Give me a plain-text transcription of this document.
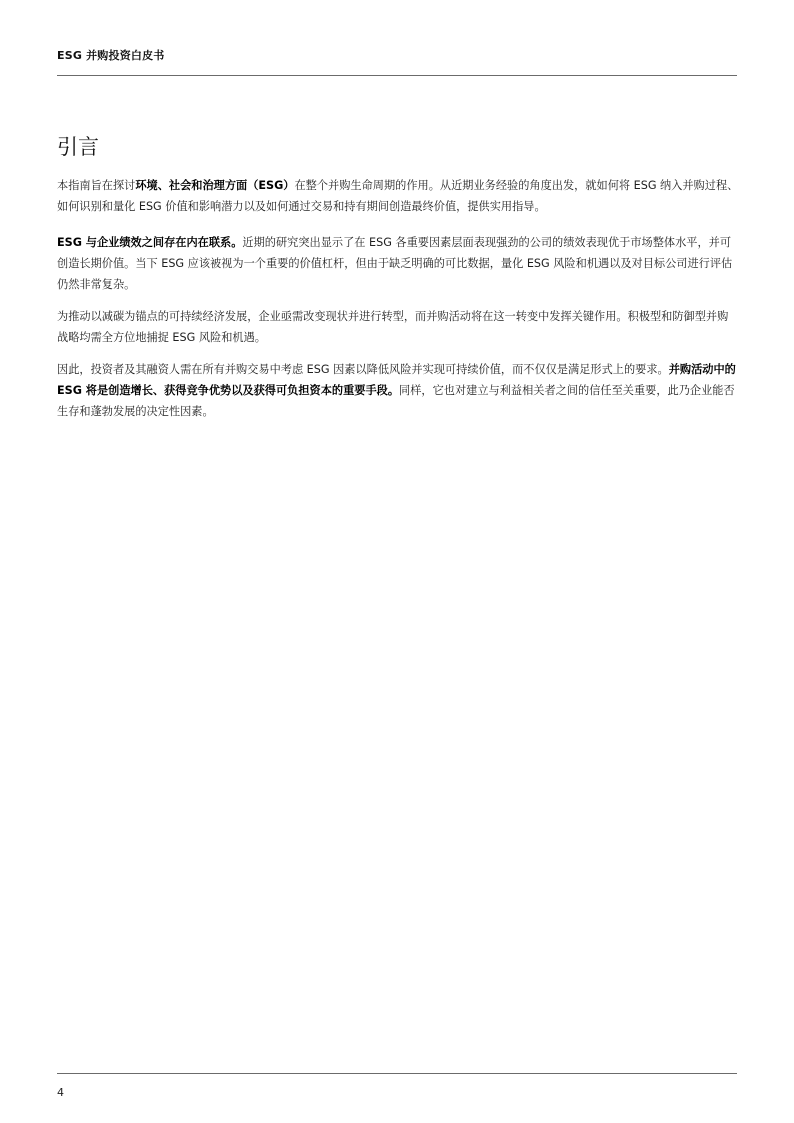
ESG 并购投资白皮书
引言

本指南旨在探讨环境、社会和治理方面（ESG）在整个并购生命周期的作用。从近期业务经验的角度出发，就如何将 ESG 纳入并购过程、如何识别和量化 ESG 价值和影响潜力以及如何通过交易和持有期间创造最终价值，提供实用指导。

ESG 与企业绩效之间存在内在联系。近期的研究突出显示了在 ESG 各重要因素层面表现强劲的公司的绩效表现优于市场整体水平，并可创造长期价值。当下 ESG 应该被视为一个重要的价值杠杆，但由于缺乏明确的可比数据，量化 ESG 风险和机遇以及对目标公司进行评估仍然非常复杂。

为推动以减碳为锚点的可持续经济发展，企业亟需改变现状并进行转型，而并购活动将在这一转变中发挥关键作用。积极型和防御型并购战略均需全方位地捕捉 ESG 风险和机遇。

因此，投资者及其融资人需在所有并购交易中考虑 ESG 因素以降低风险并实现可持续价值，而不仅仅是满足形式上的要求。并购活动中的 ESG 将是创造增长、获得竞争优势以及获得可负担资本的重要手段。同样，它也对建立与利益相关者之间的信任至关重要，此乃企业能否生存和蓬勃发展的决定性因素。

4
